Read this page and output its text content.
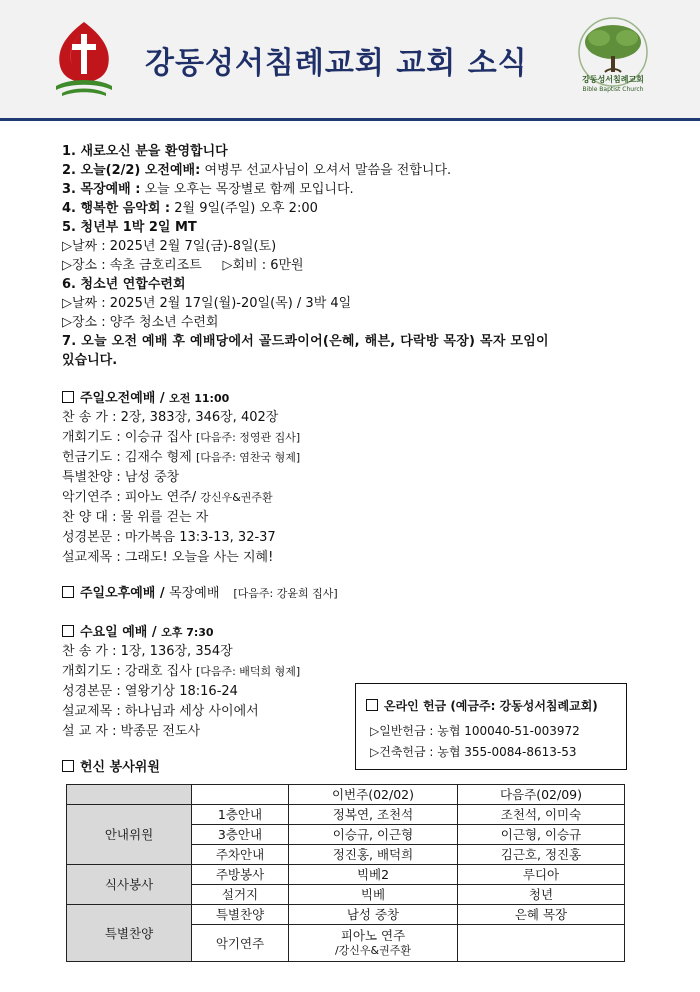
강동성서침례교회 교회 소식	강동성서침례교회
Bible Baptist Church
1. 새로오신 분을 환영합니다
2. 오늘(2/2) 오전예배: 여병무 선교사님이 오셔서 말씀을 전합니다.
3. 목장예배 : 오늘 오후는 목장별로 함께 모입니다.
4. 행복한 음악회 : 2월 9일(주일) 오후 2:00
5. 청년부 1박 2일 MT
▷날짜 : 2025년 2월 7일(금)-8일(토)
▷장소 : 속초 금호리조트     ▷회비 : 6만원
6. 청소년 연합수련회
▷날짜 : 2025년 2월 17일(월)-20일(목) / 3박 4일
▷장소 : 양주 청소년 수련회
7. 오늘 오전 예배 후 예배당에서 골드콰이어(은혜, 해븐, 다락방 목장) 목자 모임이
있습니다.
주일오전예배 / 오전 11:00
찬 송 가 : 2장, 383장, 346장, 402장
개회기도 : 이승규 집사 [다음주: 정영관 집사]
헌금기도 : 김재수 형제 [다음주: 염찬국 형제]
특별찬양 : 남성 중창
악기연주 : 피아노 연주/ 강신우&권주환
찬 양 대 : 물 위를 걷는 자
성경본문 : 마가복음 13:3-13, 32-37
설교제목 : 그래도! 오늘을 사는 지혜!
주일오후예배 / 목장예배 [다음주: 강윤희 집사]
수요일 예배 / 오후 7:30
찬 송 가 : 1장, 136장, 354장
개회기도 : 강래호 집사 [다음주: 배덕희 형제]
성경본문 : 열왕기상 18:16-24
설교제목 : 하나님과 세상 사이에서
설 교 자 : 박종문 전도사
온라인 헌금 (예금주: 강동성서침례교회)
▷일반헌금 : 농협 100040-51-003972
▷건축헌금 : 농협 355-0084-8613-53
헌신 봉사위원
		이번주(02/02)	다음주(02/09)
안내위원	1층안내	정복연, 조천석	조천석, 이미숙
	3층안내	이승규, 이근형	이근형, 이승규
	주차안내	정진홍, 배덕희	김근호, 정진홍
식사봉사	주방봉사	빅베2	루디아
	설거지	빅베	청년
특별찬양	특별찬양	남성 중창	은혜 목장
	악기연주	피아노 연주
/강신우&권주환	
